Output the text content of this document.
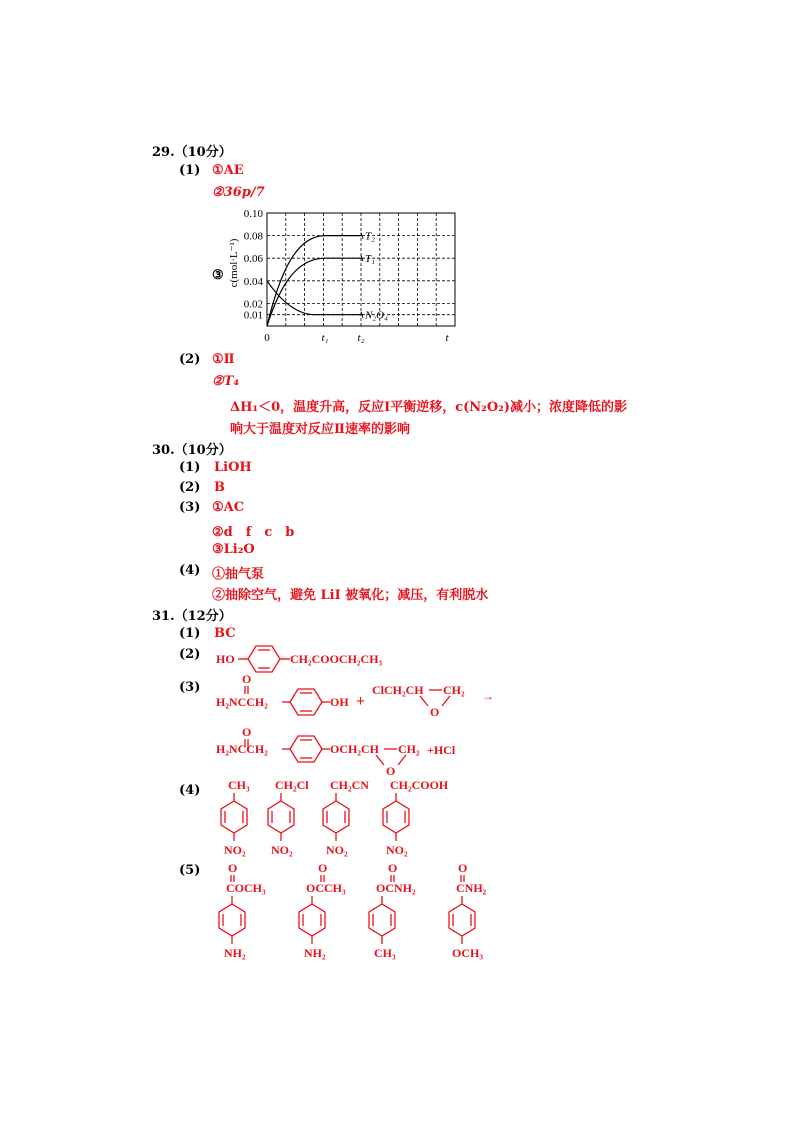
29.（10分）
(1) ①AE
②36p/7
③
0.10
0.08
0.06
0.04
0.02
0.01
0	t₁	t₂	t
c(mol·L⁻¹)
T₂
T₁
N₂O₄
(2) ①Ⅱ
②T₄
ΔH₁＜0，温度升高，反应Ⅰ平衡逆移，c(N₂O₂)减小；浓度降低的影
响大于温度对反应Ⅱ速率的影响
30.（10分）
(1) LiOH
(2) B
(3) ①AC
②d　f　c　b
③Li₂O
(4) ①抽气泵
②抽除空气，避免 LiI 被氧化；减压，有利脱水
31.（12分）
(1) BC
(2) HO	CH₂COOCH₂CH₃
(3)
O
H₂NCCH₂	OH +
ClCH₂CH CH₂
O
→
O
H₂NCCH₂	OCH₂CH CH₂
O
+HCl
(4) CH₃
NO₂
CH₂Cl
NO₂
CH₂CN
NO₂
CH₂COOH
NO₂
(5) O
COCH₃
NH₂
O
OCCH₃
NH₂
O
OCNH₂
CH₃
O
CNH₂
OCH₃
